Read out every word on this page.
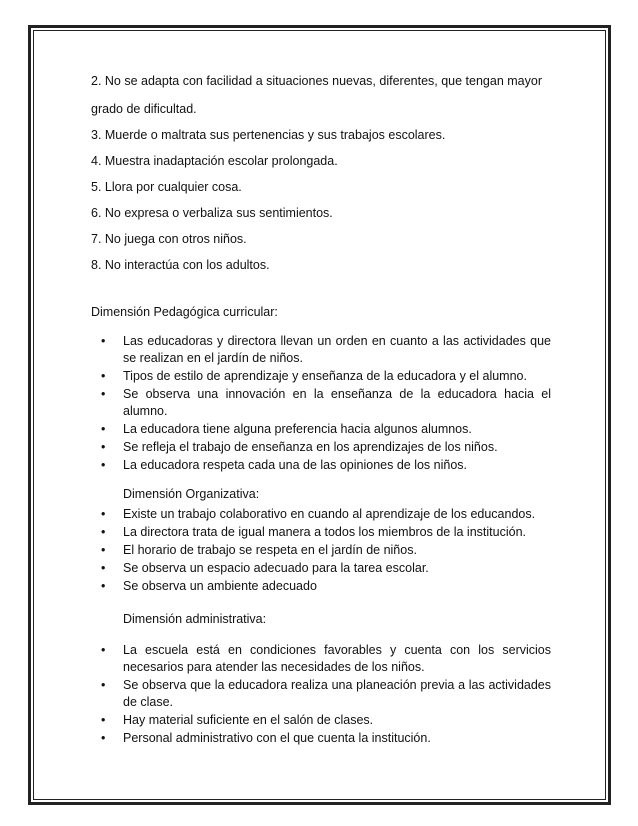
2. No se adapta con facilidad a situaciones nuevas, diferentes, que tengan mayor
grado de dificultad.
3. Muerde o maltrata sus pertenencias y sus trabajos escolares.
4. Muestra inadaptación escolar prolongada.
5. Llora por cualquier cosa.
6. No expresa o verbaliza sus sentimientos.
7. No juega con otros niños.
8. No interactúa con los adultos.
Dimensión Pedagógica curricular:
• Las educadoras y directora llevan un orden en cuanto a las actividades que se realizan en el jardín de niños.
• Tipos de estilo de aprendizaje y enseñanza de la educadora y el alumno.
• Se observa una innovación en la enseñanza de la educadora hacia el alumno.
• La educadora tiene alguna preferencia hacia algunos alumnos.
• Se refleja el trabajo de enseñanza en los aprendizajes de los niños.
• La educadora respeta cada una de las opiniones de los niños.
Dimensión Organizativa:
• Existe un trabajo colaborativo en cuando al aprendizaje de los educandos.
• La directora trata de igual manera a todos los miembros de la institución.
• El horario de trabajo se respeta en el jardín de niños.
• Se observa un espacio adecuado para la tarea escolar.
• Se observa un ambiente adecuado
Dimensión administrativa:
• La escuela está en condiciones favorables y cuenta con los servicios necesarios para atender las necesidades de los niños.
• Se observa que la educadora realiza una planeación previa a las actividades de clase.
• Hay material suficiente en el salón de clases.
• Personal administrativo con el que cuenta la institución.
